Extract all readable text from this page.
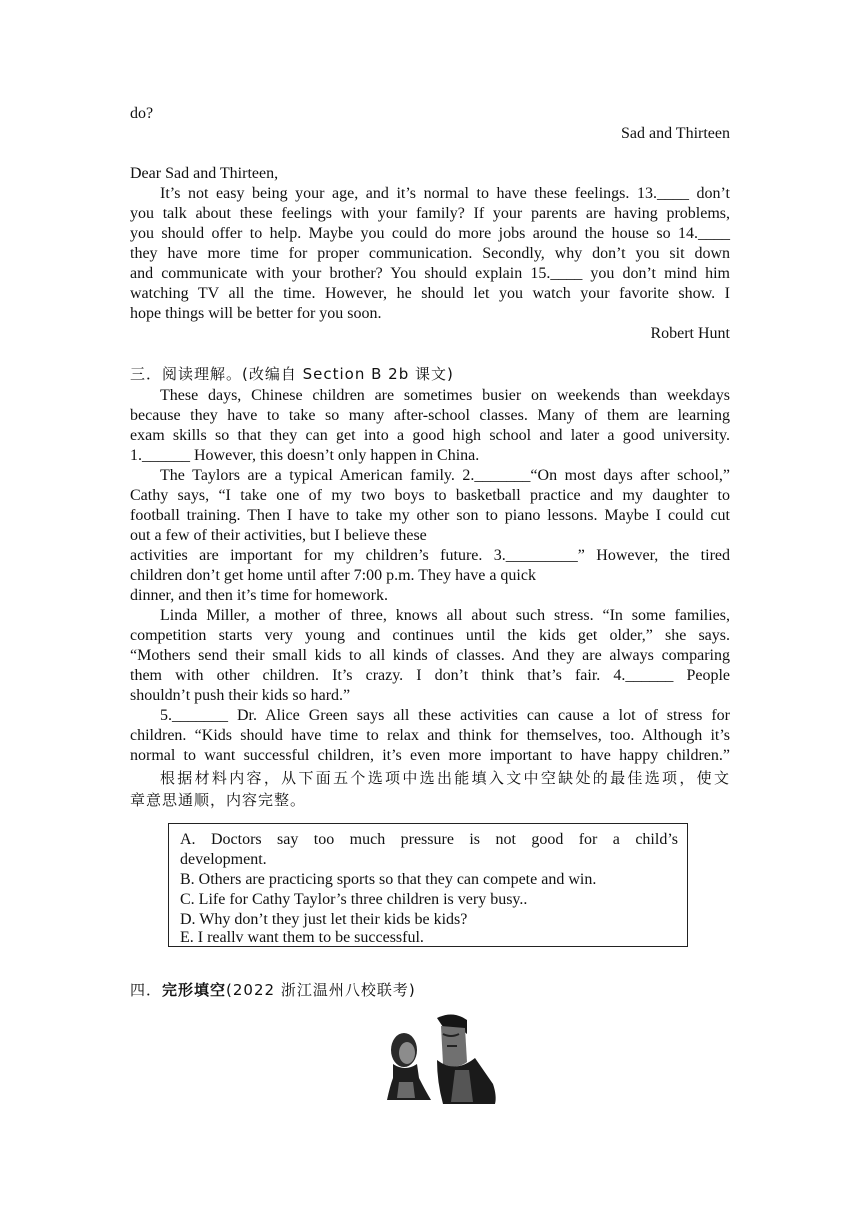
do?
Sad and Thirteen
Dear Sad and Thirteen,
It’s not easy being your age, and it’s normal to have these feelings. 13.____ don’t
you talk about these feelings with your family? If your parents are having problems,
you should offer to help. Maybe you could do more jobs around the house so 14.____
they have more time for proper communication. Secondly, why don’t you sit down
and communicate with your brother? You should explain 15.____ you don’t mind him
watching TV all the time. However, he should let you watch your favorite show. I
hope things will be better for you soon.
Robert Hunt
三．阅读理解。(改编自 Section B 2b 课文)
These days, Chinese children are sometimes busier on weekends than weekdays
because they have to take so many after-school classes. Many of them are learning
exam skills so that they can get into a good high school and later a good university.
1.______ However, this doesn’t only happen in China.
The Taylors are a typical American family. 2._______“On most days after school,”
Cathy says, “I take one of my two boys to basketball practice and my daughter to
football training. Then I have to take my other son to piano lessons. Maybe I could cut
out a few of their activities, but I believe these
activities are important for my children’s future. 3._________” However, the tired
children don’t get home until after 7:00 p.m. They have a quick
dinner, and then it’s time for homework.
Linda Miller, a mother of three, knows all about such stress. “In some families,
competition starts very young and continues until the kids get older,” she says.
“Mothers send their small kids to all kinds of classes. And they are always comparing
them with other children. It’s crazy. I don’t think that’s fair. 4.______ People
shouldn’t push their kids so hard.”
5._______ Dr. Alice Green says all these activities can cause a lot of stress for
children. “Kids should have time to relax and think for themselves, too. Although it’s
normal to want successful children, it’s even more important to have happy children.”
根据材料内容，从下面五个选项中选出能填入文中空缺处的最佳选项，使文
章意思通顺，内容完整。
四．完形填空(2022 浙江温州八校联考)
A. Doctors say too much pressure is not good for a child’s
development.
B. Others are practicing sports so that they can compete and win.
C. Life for Cathy Taylor’s three children is very busy..
D. Why don’t they just let their kids be kids?
E. I reallv want them to be successful.
